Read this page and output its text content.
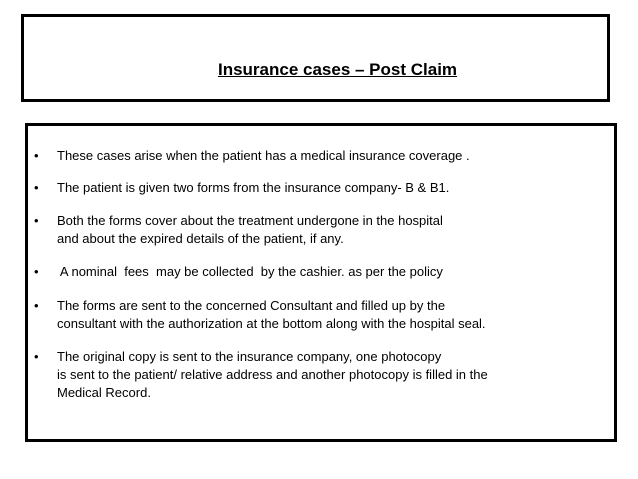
Insurance cases – Post Claim
• These cases arise when the patient has a medical insurance coverage .
• The patient is given two forms from the insurance company- B & B1.
• Both the forms cover about the treatment undergone in the hospital
and about the expired details of the patient, if any.
• A nominal  fees  may be collected  by the cashier. as per the policy
• The forms are sent to the concerned Consultant and filled up by the
consultant with the authorization at the bottom along with the hospital seal.
• The original copy is sent to the insurance company, one photocopy
is sent to the patient/ relative address and another photocopy is filled in the
Medical Record.
